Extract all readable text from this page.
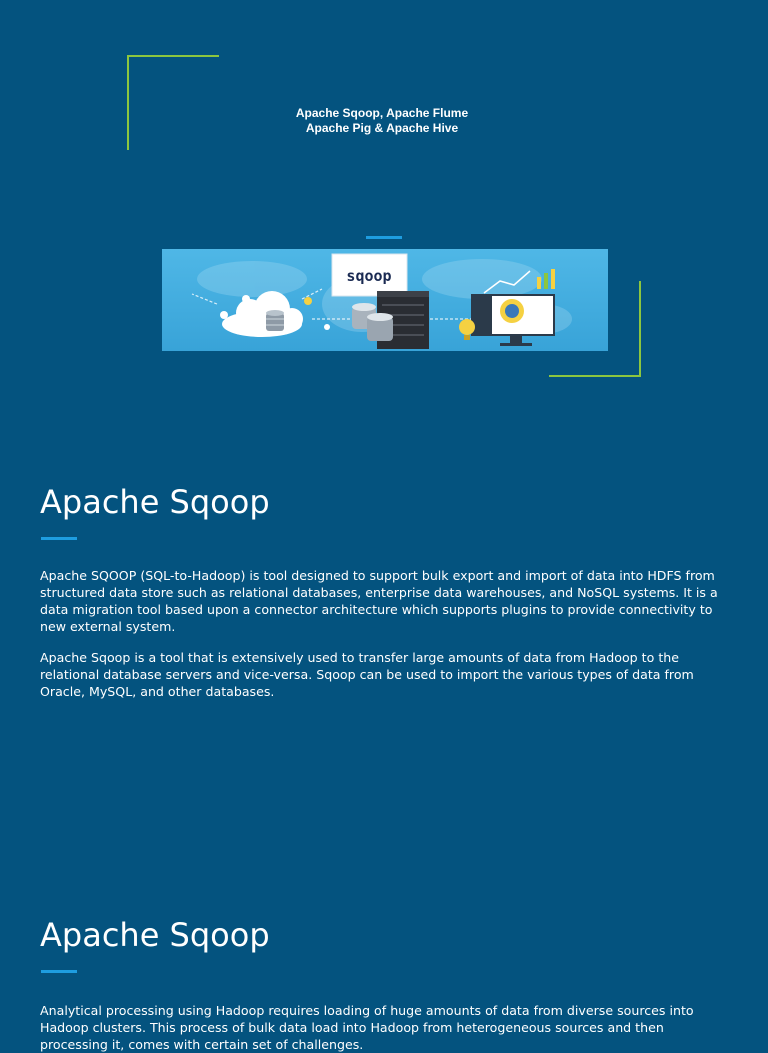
Apache Sqoop, Apache Flume
Apache Pig & Apache Hive
sqoop
Apache Sqoop

Apache SQOOP (SQL-to-Hadoop) is tool designed to support bulk export and import of data into HDFS from structured data store such as relational databases, enterprise data warehouses, and NoSQL systems. It is a data migration tool based upon a connector architecture which supports plugins to provide connectivity to new external system.

Apache Sqoop is a tool that is extensively used to transfer large amounts of data from Hadoop to the relational database servers and vice-versa. Sqoop can be used to import the various types of data from Oracle, MySQL, and other databases.

Apache Sqoop

Analytical processing using Hadoop requires loading of huge amounts of data from diverse sources into Hadoop clusters. This process of bulk data load into Hadoop from heterogeneous sources and then processing it, comes with certain set of challenges.
